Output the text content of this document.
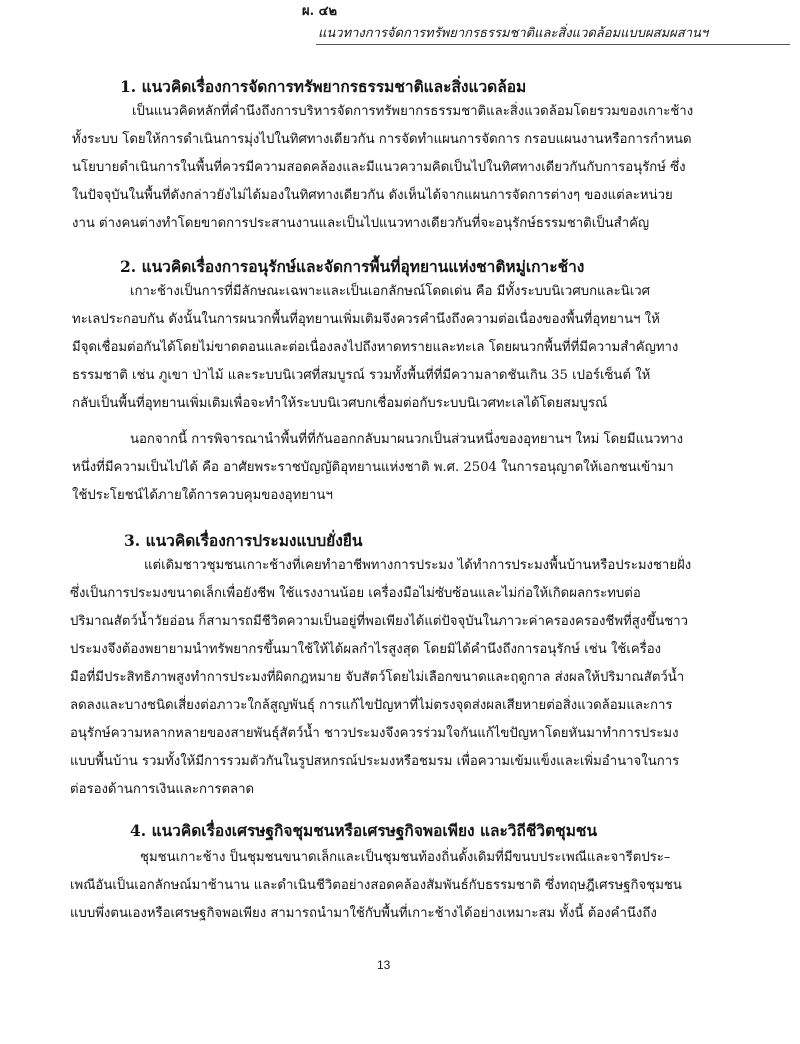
ผ. ๔๒
แนวทางการจัดการทรัพยากรธรรมชาติและสิ่งแวดล้อมแบบผสมผสานฯ
1. แนวคิดเรื่องการจัดการทรัพยากรธรรมชาติและสิ่งแวดล้อม
เป็นแนวคิดหลักที่คำนึงถึงการบริหารจัดการทรัพยากรธรรมชาติและสิ่งแวดล้อมโดยรวมของเกาะช้าง
ทั้งระบบ โดยให้การดำเนินการมุ่งไปในทิศทางเดียวกัน การจัดทำแผนการจัดการ กรอบแผนงานหรือการกำหนด
นโยบายดำเนินการในพื้นที่ควรมีความสอดคล้องและมีแนวความคิดเป็นไปในทิศทางเดียวกันกับการอนุรักษ์ ซึ่ง
ในปัจจุบันในพื้นที่ดังกล่าวยังไม่ได้มองในทิศทางเดียวกัน ดังเห็นได้จากแผนการจัดการต่างๆ ของแต่ละหน่วย
งาน ต่างคนต่างทำโดยขาดการประสานงานและเป็นไปแนวทางเดียวกันที่จะอนุรักษ์ธรรมชาติเป็นสำคัญ
2. แนวคิดเรื่องการอนุรักษ์และจัดการพื้นที่อุทยานแห่งชาติหมู่เกาะช้าง
เกาะช้างเป็นการที่มีลักษณะเฉพาะและเป็นเอกลักษณ์โดดเด่น คือ มีทั้งระบบนิเวศบกและนิเวศ
ทะเลประกอบกัน ดังนั้นในการผนวกพื้นที่อุทยานเพิ่มเติมจึงควรคำนึงถึงความต่อเนื่องของพื้นที่อุทยานฯ ให้
มีจุดเชื่อมต่อกันได้โดยไม่ขาดตอนและต่อเนื่องลงไปถึงหาดทรายและทะเล โดยผนวกพื้นที่ที่มีความสำคัญทาง
ธรรมชาติ เช่น ภูเขา ป่าไม้ และระบบนิเวศที่สมบูรณ์ รวมทั้งพื้นที่ที่มีความลาดชันเกิน 35 เปอร์เซ็นต์ ให้
กลับเป็นพื้นที่อุทยานเพิ่มเติมเพื่อจะทำให้ระบบนิเวศบกเชื่อมต่อกับระบบนิเวศทะเลได้โดยสมบูรณ์
นอกจากนี้ การพิจารณานำพื้นที่ที่กันออกกลับมาผนวกเป็นส่วนหนึ่งของอุทยานฯ ใหม่ โดยมีแนวทาง
หนึ่งที่มีความเป็นไปได้ คือ อาศัยพระราชบัญญัติอุทยานแห่งชาติ พ.ศ. 2504 ในการอนุญาตให้เอกชนเข้ามา
ใช้ประโยชน์ได้ภายใต้การควบคุมของอุทยานฯ
3. แนวคิดเรื่องการประมงแบบยั่งยืน
แต่เดิมชาวชุมชนเกาะช้างที่เคยทำอาชีพทางการประมง ได้ทำการประมงพื้นบ้านหรือประมงชายฝั่ง
ซึ่งเป็นการประมงขนาดเล็กเพื่อยังชีพ ใช้แรงงานน้อย เครื่องมือไม่ซับซ้อนและไม่ก่อให้เกิดผลกระทบต่อ
ปริมาณสัตว์น้ำวัยอ่อน ก็สามารถมีชีวิตความเป็นอยู่ที่พอเพียงได้แต่ปัจจุบันในภาวะค่าครองครองชีพที่สูงขึ้นชาว
ประมงจึงต้องพยายามนำทรัพยากรขึ้นมาใช้ให้ได้ผลกำไรสูงสุด โดยมิได้คำนึงถึงการอนุรักษ์ เช่น ใช้เครื่อง
มือที่มีประสิทธิภาพสูงทำการประมงที่ผิดกฎหมาย จับสัตว์โดยไม่เลือกขนาดและฤดูกาล ส่งผลให้ปริมาณสัตว์น้ำ
ลดลงและบางชนิดเสี่ยงต่อภาวะใกล้สูญพันธุ์ การแก้ไขปัญหาที่ไม่ตรงจุดส่งผลเสียหายต่อสิ่งแวดล้อมและการ
อนุรักษ์ความหลากหลายของสายพันธุ์สัตว์น้ำ ชาวประมงจึงควรร่วมใจกันแก้ไขปัญหาโดยหันมาทำการประมง
แบบพื้นบ้าน รวมทั้งให้มีการรวมตัวกันในรูปสหกรณ์ประมงหรือชมรม เพื่อความเข้มแข็งและเพิ่มอำนาจในการ
ต่อรองด้านการเงินและการตลาด
4. แนวคิดเรื่องเศรษฐกิจชุมชนหรือเศรษฐกิจพอเพียง และวิถีชีวิตชุมชน
ชุมชนเกาะช้าง ป็นชุมชนขนาดเล็กและเป็นชุมชนท้องถิ่นดั้งเดิมที่มีขนบประเพณีและจารีตประ–
เพณีอันเป็นเอกลักษณ์มาช้านาน และดำเนินชีวิตอย่างสอดคล้องสัมพันธ์กับธรรมชาติ ซึ่งทฤษฎีเศรษฐกิจชุมชน
แบบพึ่งตนเองหรือเศรษฐกิจพอเพียง สามารถนำมาใช้กับพื้นที่เกาะช้างได้อย่างเหมาะสม ทั้งนี้ ต้องคำนึงถึง
13
